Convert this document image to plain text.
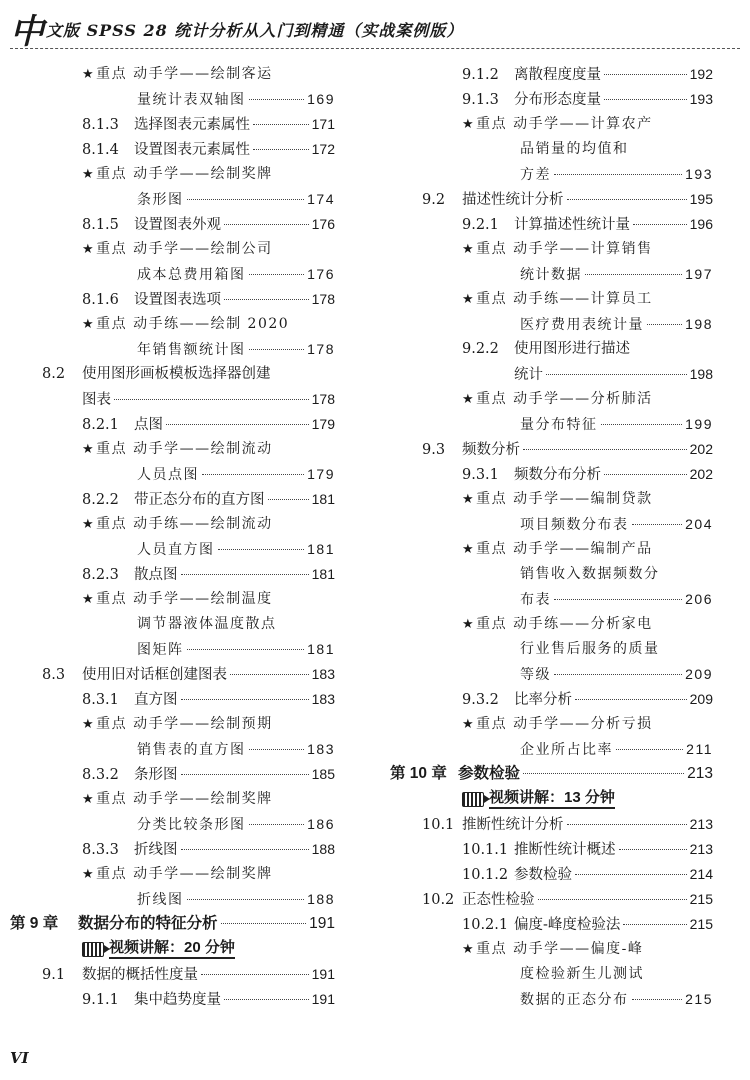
中 文版 SPSS 28 统计分析从入门到精通（实战案例版）
★ 重点 动手学——绘制客运
量统计表双轴图	169
8.1.3	选择图表元素属性	171
8.1.4	设置图表元素属性	172
★ 重点 动手学——绘制奖牌
条形图	174
8.1.5	设置图表外观	176
★ 重点 动手学——绘制公司
成本总费用箱图	176
8.1.6	设置图表选项	178
★ 重点 动手练——绘制 2020
年销售额统计图	178
8.2	使用图形画板模板选择器创建
图表	178
8.2.1	点图	179
★ 重点 动手学——绘制流动
人员点图	179
8.2.2	带正态分布的直方图	181
★ 重点 动手练——绘制流动
人员直方图	181
8.2.3	散点图	181
★ 重点 动手学——绘制温度
调节器液体温度散点
图矩阵	181
8.3	使用旧对话框创建图表	183
8.3.1	直方图	183
★ 重点 动手学——绘制预期
销售表的直方图	183
8.3.2	条形图	185
★ 重点 动手学——绘制奖牌
分类比较条形图	186
8.3.3	折线图	188
★ 重点 动手学——绘制奖牌
折线图	188
第 9 章	数据分布的特征分析	191
视频讲解：20 分钟
9.1	数据的概括性度量	191
9.1.1	集中趋势度量	191
9.1.2	离散程度度量	192
9.1.3	分布形态度量	193
★ 重点 动手学——计算农产
品销量的均值和
方差	193
9.2	描述性统计分析	195
9.2.1	计算描述性统计量	196
★ 重点 动手学——计算销售
统计数据	197
★ 重点 动手练——计算员工
医疗费用表统计量	198
9.2.2	使用图形进行描述
统计	198
★ 重点 动手学——分析肺活
量分布特征	199
9.3	频数分析	202
9.3.1	频数分布分析	202
★ 重点 动手学——编制贷款
项目频数分布表	204
★ 重点 动手学——编制产品
销售收入数据频数分
布表	206
★ 重点 动手练——分析家电
行业售后服务的质量
等级	209
9.3.2	比率分析	209
★ 重点 动手学——分析亏损
企业所占比率	211
第 10 章 参数检验	213
视频讲解：13 分钟
10.1 推断性统计分析	213
10.1.1 推断性统计概述	213
10.1.2 参数检验	214
10.2 正态性检验	215
10.2.1 偏度-峰度检验法	215
★ 重点 动手学——偏度-峰
度检验新生儿测试
数据的正态分布	215
VI
